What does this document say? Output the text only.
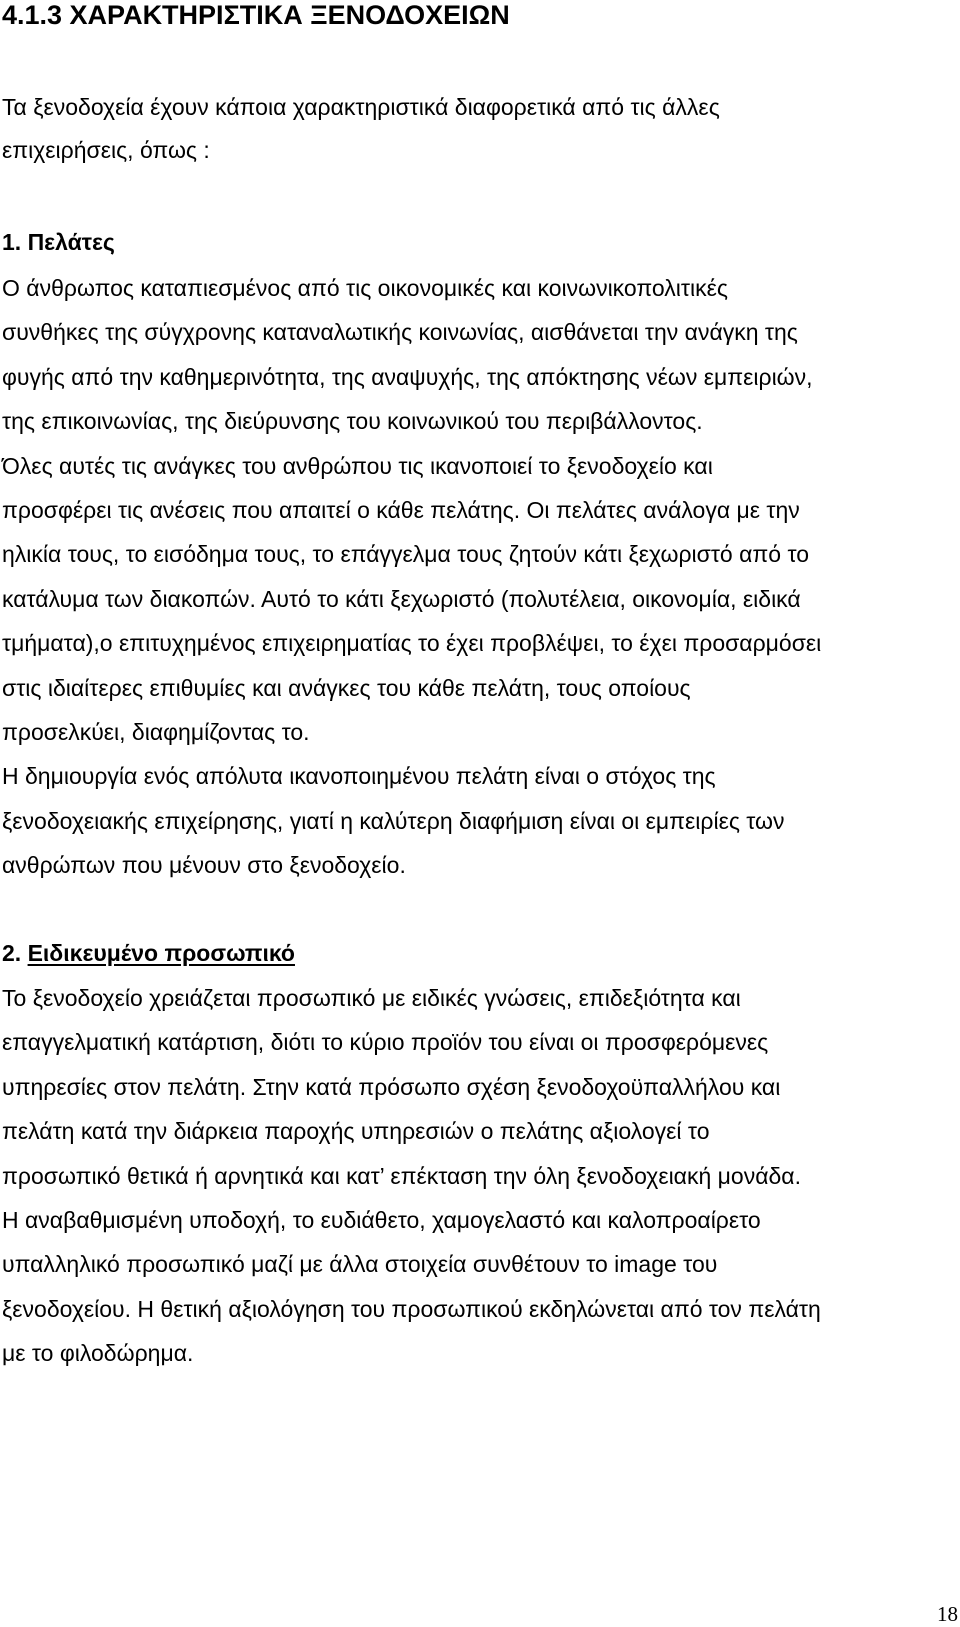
4.1.3 ΧΑΡΑΚΤΗΡΙΣΤΙΚΑ ΞΕΝΟΔΟΧΕΙΩΝ
Τα ξενοδοχεία έχουν κάποια χαρακτηριστικά διαφορετικά από τις άλλες
επιχειρήσεις, όπως :
1. Πελάτες
Ο άνθρωπος καταπιεσμένος από τις οικονομικές και κοινωνικοπολιτικές
συνθήκες της σύγχρονης καταναλωτικής κοινωνίας, αισθάνεται την ανάγκη της
φυγής από την καθημερινότητα, της αναψυχής, της απόκτησης νέων εμπειριών,
της επικοινωνίας, της διεύρυνσης του κοινωνικού του περιβάλλοντος.
Όλες αυτές τις ανάγκες του ανθρώπου τις ικανοποιεί το ξενοδοχείο και
προσφέρει τις ανέσεις που απαιτεί ο κάθε πελάτης. Οι πελάτες ανάλογα με την
ηλικία τους, το εισόδημα τους, το επάγγελμα τους ζητούν κάτι ξεχωριστό από το
κατάλυμα των διακοπών. Αυτό το κάτι ξεχωριστό (πολυτέλεια, οικονομία, ειδικά
τμήματα),ο επιτυχημένος επιχειρηματίας το έχει προβλέψει, το έχει προσαρμόσει
στις ιδιαίτερες επιθυμίες και ανάγκες του κάθε πελάτη, τους οποίους
προσελκύει, διαφημίζοντας το.
Η δημιουργία ενός απόλυτα ικανοποιημένου πελάτη είναι ο στόχος της
ξενοδοχειακής επιχείρησης, γιατί η καλύτερη διαφήμιση είναι οι εμπειρίες των
ανθρώπων που μένουν στο ξενοδοχείο.
2. Ειδικευμένο προσωπικό
Το ξενοδοχείο χρειάζεται προσωπικό με ειδικές γνώσεις, επιδεξιότητα και
επαγγελματική κατάρτιση, διότι το κύριο προϊόν του είναι οι προσφερόμενες
υπηρεσίες στον πελάτη. Στην κατά πρόσωπο σχέση ξενοδοχοϋπαλλήλου και
πελάτη κατά την διάρκεια παροχής υπηρεσιών ο πελάτης αξιολογεί το
προσωπικό θετικά ή αρνητικά και κατ’ επέκταση την όλη ξενοδοχειακή μονάδα.
Η αναβαθμισμένη υποδοχή, το ευδιάθετο, χαμογελαστό και καλοπροαίρετο
υπαλληλικό προσωπικό μαζί με άλλα στοιχεία συνθέτουν το image του
ξενοδοχείου. Η θετική αξιολόγηση του προσωπικού εκδηλώνεται από τον πελάτη
με το φιλοδώρημα.
18
